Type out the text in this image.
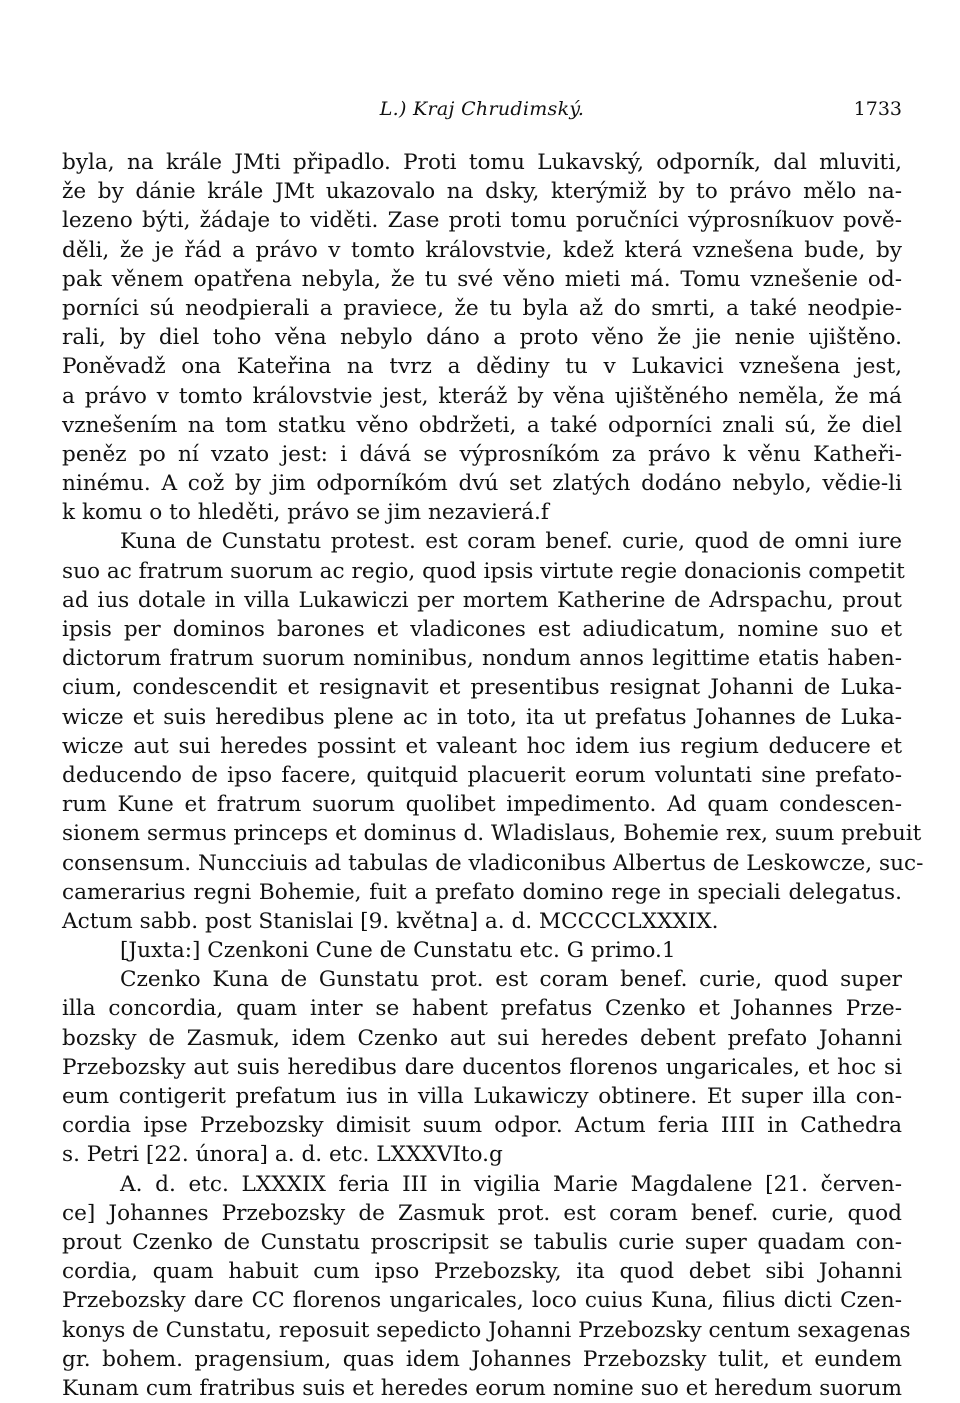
L.) Kraj Chrudimský.	1733
byla, na krále JMti připadlo. Proti tomu Lukavský, odporník, dal mluviti,
že by dánie krále JMt ukazovalo na dsky, kterýmiž by to právo mělo na-
lezeno býti, žádaje to viděti. Zase proti tomu poručníci výprosníkuov pově-
děli, že je řád a právo v tomto královstvie, kdež která vznešena bude, by
pak věnem opatřena nebyla, že tu své věno mieti má. Tomu vznešenie od-
porníci sú neodpierali a praviece, že tu byla až do smrti, a také neodpie-
rali, by diel toho věna nebylo dáno a proto věno že jie nenie ujištěno.
Poněvadž ona Kateřina na tvrz a dědiny tu v Lukavici vznešena jest,
a právo v tomto královstvie jest, kteráž by věna ujištěného neměla, že má
vznešením na tom statku věno obdržeti, a také odporníci znali sú, že diel
peněz po ní vzato jest: i dává se výprosníkóm za právo k věnu Katheři-
ninému. A což by jim odporníkóm dvú set zlatých dodáno nebylo, vědie-li
k komu o to hleděti, právo se jim nezavierá.f
Kuna de Cunstatu protest. est coram benef. curie, quod de omni iure
suo ac fratrum suorum ac regio, quod ipsis virtute regie donacionis competit
ad ius dotale in villa Lukawiczi per mortem Katherine de Adrspachu, prout
ipsis per dominos barones et vladicones est adiudicatum, nomine suo et
dictorum fratrum suorum nominibus, nondum annos legittime etatis haben-
cium, condescendit et resignavit et presentibus resignat Johanni de Luka-
wicze et suis heredibus plene ac in toto, ita ut prefatus Johannes de Luka-
wicze aut sui heredes possint et valeant hoc idem ius regium deducere et
deducendo de ipso facere, quitquid placuerit eorum voluntati sine prefato-
rum Kune et fratrum suorum quolibet impedimento. Ad quam condescen-
sionem sermus princeps et dominus d. Wladislaus, Bohemie rex, suum prebuit
consensum. Nuncciuis ad tabulas de vladiconibus Albertus de Leskowcze, suc-
camerarius regni Bohemie, fuit a prefato domino rege in speciali delegatus.
Actum sabb. post Stanislai [9. května] a. d. MCCCCLXXXIX.
[Juxta:] Czenkoni Cune de Cunstatu etc. G primo.1
Czenko Kuna de Gunstatu prot. est coram benef. curie, quod super
illa concordia, quam inter se habent prefatus Czenko et Johannes Prze-
bozsky de Zasmuk, idem Czenko aut sui heredes debent prefato Johanni
Przebozsky aut suis heredibus dare ducentos florenos ungaricales, et hoc si
eum contigerit prefatum ius in villa Lukawiczy obtinere. Et super illa con-
cordia ipse Przebozsky dimisit suum odpor. Actum feria IIII in Cathedra
s. Petri [22. února] a. d. etc. LXXXVIto.g
A. d. etc. LXXXIX feria III in vigilia Marie Magdalene [21. červen-
ce] Johannes Przebozsky de Zasmuk prot. est coram benef. curie, quod
prout Czenko de Cunstatu proscripsit se tabulis curie super quadam con-
cordia, quam habuit cum ipso Przebozsky, ita quod debet sibi Johanni
Przebozsky dare CC florenos ungaricales, loco cuius Kuna, filius dicti Czen-
konys de Cunstatu, reposuit sepedicto Johanni Przebozsky centum sexagenas
gr. bohem. pragensium, quas idem Johannes Przebozsky tulit, et eundem
Kunam cum fratribus suis et heredes eorum nomine suo et heredum suorum
